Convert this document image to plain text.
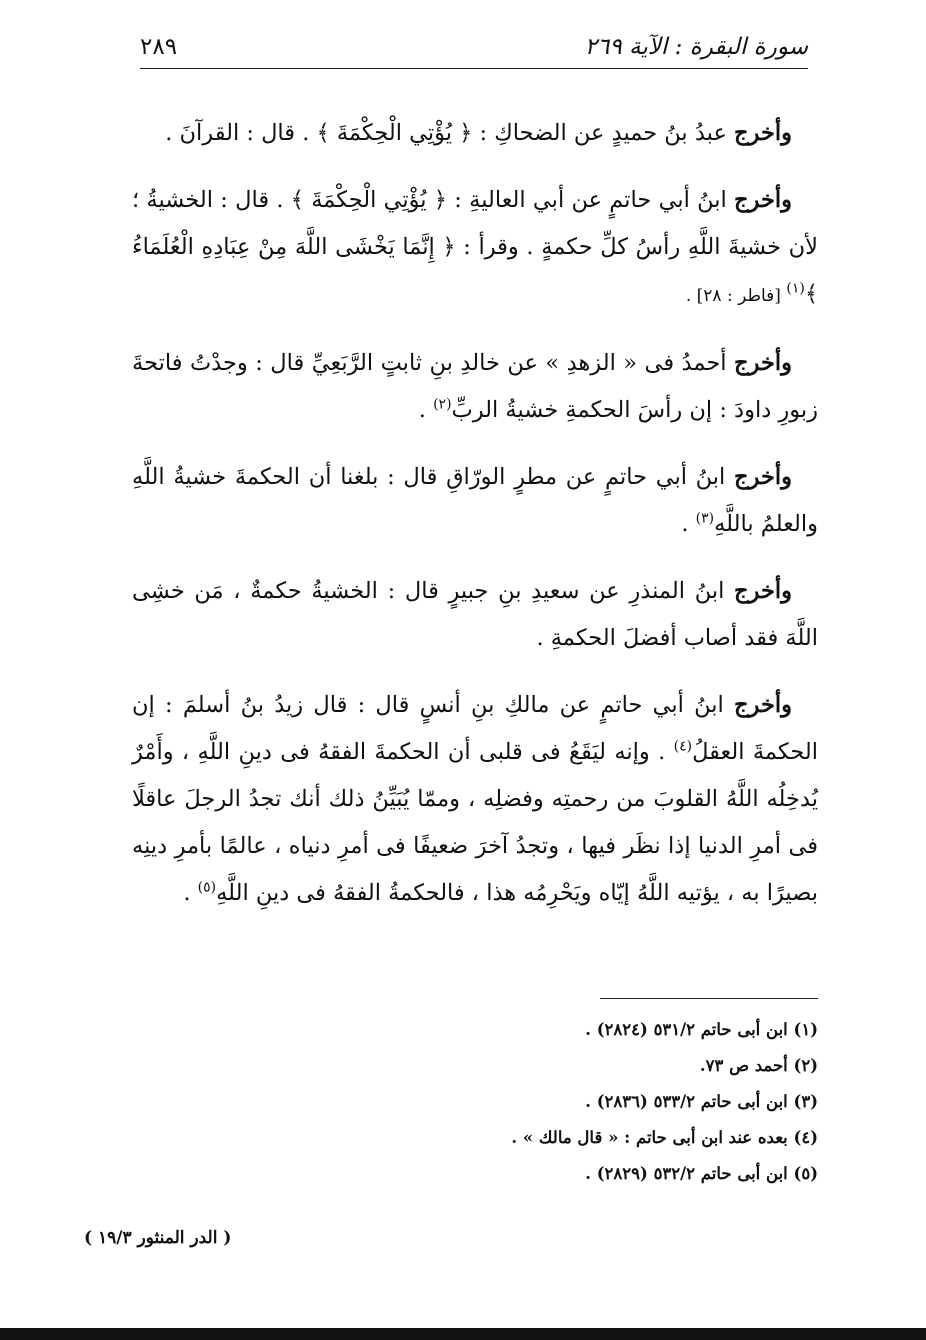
سورة البقرة : الآية ٢٦٩
٢٨٩

وأخرج عبدُ بنُ حميدٍ عن الضحاكِ : ﴿ يُؤْتِي الْحِكْمَةَ ﴾ . قال : القرآنَ .

وأخرج ابنُ أبي حاتمٍ عن أبي العاليةِ : ﴿ يُؤْتِي الْحِكْمَةَ ﴾ . قال : الخشيةُ ؛ لأن خشيةَ اللَّهِ رأسُ كلِّ حكمةٍ . وقرأ : ﴿ إِنَّمَا يَخْشَى اللَّهَ مِنْ عِبَادِهِ الْعُلَمَاءُ ﴾$^{(١)}$ [فاطر : ٢٨] .

وأخرج أحمدُ فى « الزهدِ » عن خالدِ بنِ ثابتٍ الرَّبَعِيِّ قال : وجدْتُ فاتحةَ زبورِ داودَ : إن رأسَ الحكمةِ خشيةُ الربِّ$^{(٢)}$ .

وأخرج ابنُ أبي حاتمٍ عن مطرٍ الورّاقِ قال : بلغنا أن الحكمةَ خشيةُ اللَّهِ والعلمُ باللَّهِ$^{(٣)}$ .

وأخرج ابنُ المنذرِ عن سعيدِ بنِ جبيرٍ قال : الخشيةُ حكمةٌ ، مَن خشِى اللَّهَ فقد أصاب أفضلَ الحكمةِ .

وأخرج ابنُ أبي حاتمٍ عن مالكِ بنِ أنسٍ قال : قال زيدُ بنُ أسلمَ : إن الحكمةَ العقلُ$^{(٤)}$ . وإنه ليَقَعُ فى قلبى أن الحكمةَ الفقهُ فى دينِ اللَّهِ ، وأَمْرٌ يُدخِلُه اللَّهُ القلوبَ من رحمتِه وفضلِه ، وممّا يُبَيِّنُ ذلك أنك تجدُ الرجلَ عاقلًا فى أمرِ الدنيا إذا نظَر فيها ، وتجدُ آخرَ ضعيفًا فى أمرِ دنياه ، عالمًا بأمرِ دينِه بصيرًا به ، يؤتيه اللَّهُ إيّاه ويَحْرِمُه هذا ، فالحكمةُ الفقهُ فى دينِ اللَّهِ$^{(٥)}$ .

(١) ابن أبى حاتم ٥٣١/٢ (٢٨٢٤) .
(٢) أحمد ص ٧٣.
(٣) ابن أبى حاتم ٥٣٣/٢ (٢٨٣٦) .
(٤) بعده عند ابن أبى حاتم : « قال مالك » .
(٥) ابن أبى حاتم ٥٣٢/٢ (٢٨٢٩) .
( الدر المنثور ١٩/٣ )
